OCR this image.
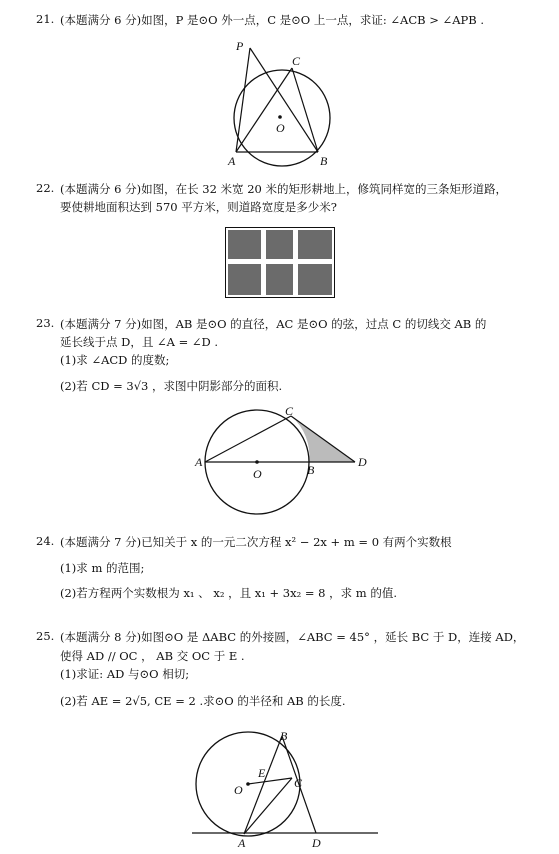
21. (本题满分 6 分)如图，P 是⊙O 外一点，C 是⊙O 上一点，求证: ∠ACB > ∠APB .
P
C
O
A	B
22. (本题满分 6 分)如图，在长 32 米宽 20 米的矩形耕地上，修筑同样宽的三条矩形道路，
要使耕地面积达到 570 平方米，则道路宽度是多少米?
23. (本题满分 7 分)如图，AB 是⊙O 的直径，AC 是⊙O 的弦，过点 C 的切线交 AB 的
延长线于点 D，且 ∠A = ∠D .
(1)求 ∠ACD 的度数;
(2)若 CD = 3√3 ，求图中阴影部分的面积.
A
C
O	B
D
24. (本题满分 7 分)已知关于 x 的一元二次方程 x² − 2x + m = 0 有两个实数根
(1)求 m 的范围;
(2)若方程两个实数根为 x₁ 、 x₂ ，且 x₁ + 3x₂ = 8 ，求 m 的值.
25. (本题满分 8 分)如图⊙O 是 ΔABC 的外接圆，∠ABC = 45° ，延长 BC 于 D，连接 AD，
使得 AD // OC ， AB 交 OC 于 E .
(1)求证: AD 与⊙O 相切;
(2)若 AE = 2√5, CE = 2 .求⊙O 的半径和 AB 的长度.
B
E
O	C
A	D
